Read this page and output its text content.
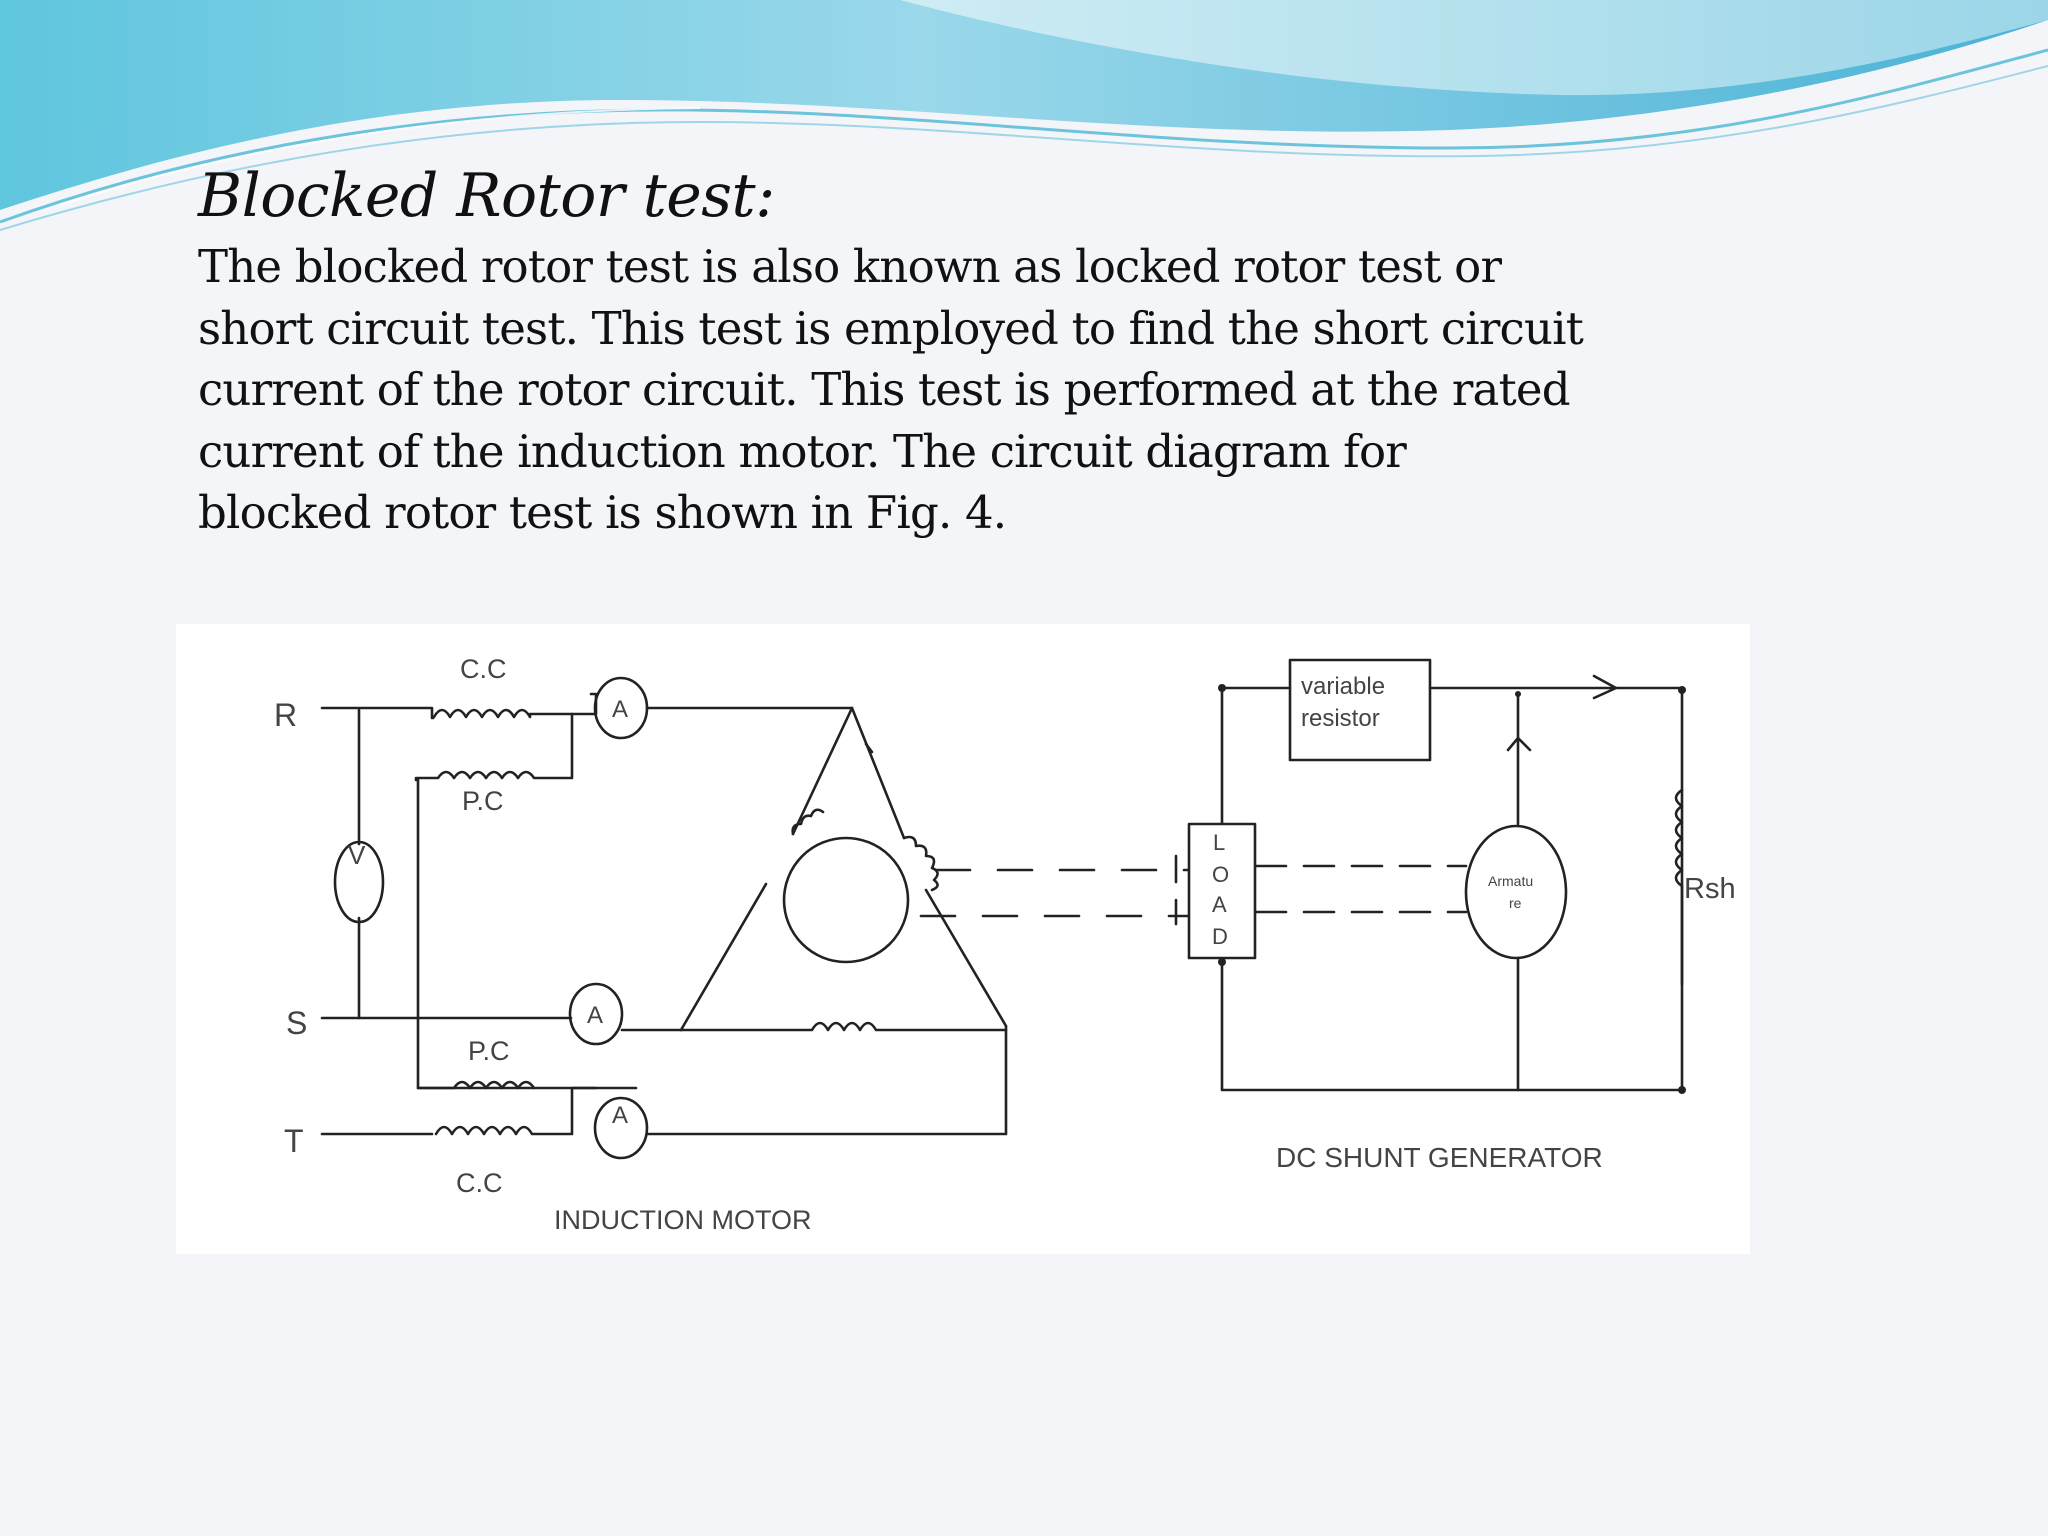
Blocked Rotor test:
The blocked rotor test is also known as locked rotor test or
short circuit test. This test is employed to find the short circuit
current of the rotor circuit. This test is performed at the rated
current of the induction motor. The circuit diagram for
blocked rotor test is shown in Fig. 4.
R
S
T
C.C
P.C
P.C
C.C
A
A
A
V
INDUCTION MOTOR
L
O
A
D
variable
resistor
Armatu
re	Rsh
DC SHUNT GENERATOR
